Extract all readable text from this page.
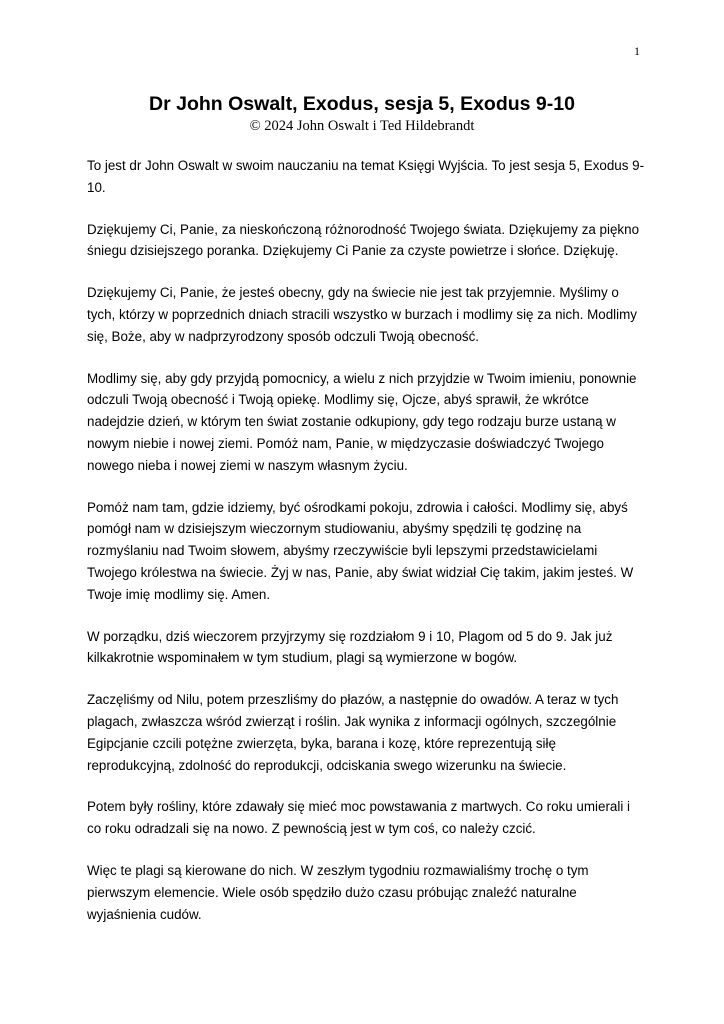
1
Dr John Oswalt, Exodus, sesja 5, Exodus 9-10
© 2024 John Oswalt i Ted Hildebrandt

To jest dr John Oswalt w swoim nauczaniu na temat Księgi Wyjścia. To jest sesja 5, Exodus 9-10.

Dziękujemy Ci, Panie, za nieskończoną różnorodność Twojego świata. Dziękujemy za piękno śniegu dzisiejszego poranka. Dziękujemy Ci Panie za czyste powietrze i słońce. Dziękuję.

Dziękujemy Ci, Panie, że jesteś obecny, gdy na świecie nie jest tak przyjemnie. Myślimy o tych, którzy w poprzednich dniach stracili wszystko w burzach i modlimy się za nich. Modlimy się, Boże, aby w nadprzyrodzony sposób odczuli Twoją obecność.

Modlimy się, aby gdy przyjdą pomocnicy, a wielu z nich przyjdzie w Twoim imieniu, ponownie odczuli Twoją obecność i Twoją opiekę. Modlimy się, Ojcze, abyś sprawił, że wkrótce nadejdzie dzień, w którym ten świat zostanie odkupiony, gdy tego rodzaju burze ustaną w nowym niebie i nowej ziemi. Pomóż nam, Panie, w międzyczasie doświadczyć Twojego nowego nieba i nowej ziemi w naszym własnym życiu.

Pomóż nam tam, gdzie idziemy, być ośrodkami pokoju, zdrowia i całości. Modlimy się, abyś pomógł nam w dzisiejszym wieczornym studiowaniu, abyśmy spędzili tę godzinę na rozmyślaniu nad Twoim słowem, abyśmy rzeczywiście byli lepszymi przedstawicielami Twojego królestwa na świecie. Żyj w nas, Panie, aby świat widział Cię takim, jakim jesteś. W Twoje imię modlimy się. Amen.

W porządku, dziś wieczorem przyjrzymy się rozdziałom 9 i 10, Plagom od 5 do 9. Jak już kilkakrotnie wspominałem w tym studium, plagi są wymierzone w bogów.

Zaczęliśmy od Nilu, potem przeszliśmy do płazów, a następnie do owadów. A teraz w tych plagach, zwłaszcza wśród zwierząt i roślin. Jak wynika z informacji ogólnych, szczególnie Egipcjanie czcili potężne zwierzęta, byka, barana i kozę, które reprezentują siłę reprodukcyjną, zdolność do reprodukcji, odciskania swego wizerunku na świecie.

Potem były rośliny, które zdawały się mieć moc powstawania z martwych. Co roku umierali i co roku odradzali się na nowo. Z pewnością jest w tym coś, co należy czcić.

Więc te plagi są kierowane do nich. W zeszłym tygodniu rozmawialiśmy trochę o tym pierwszym elemencie. Wiele osób spędziło dużo czasu próbując znaleźć naturalne wyjaśnienia cudów.
